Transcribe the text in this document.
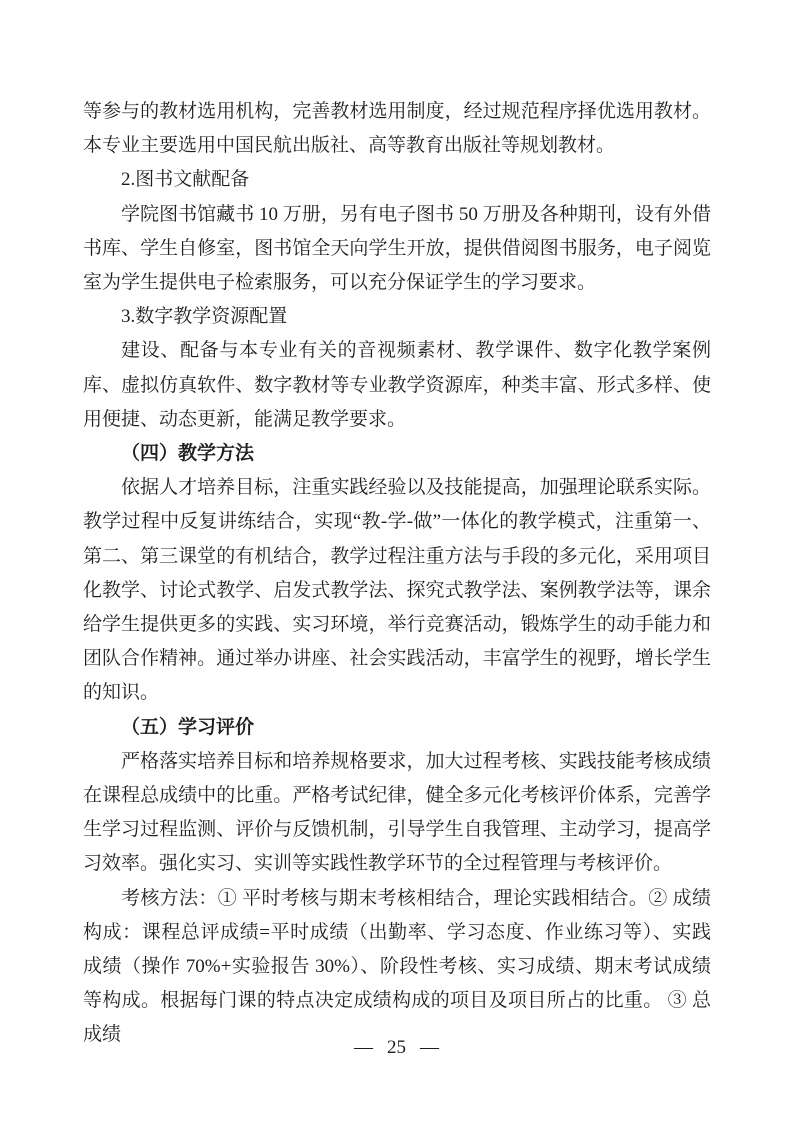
等参与的教材选用机构，完善教材选用制度，经过规范程序择优选用教材。本专业主要选用中国民航出版社、高等教育出版社等规划教材。

2.图书文献配备

学院图书馆藏书 10 万册，另有电子图书 50 万册及各种期刊，设有外借书库、学生自修室，图书馆全天向学生开放，提供借阅图书服务，电子阅览室为学生提供电子检索服务，可以充分保证学生的学习要求。

3.数字教学资源配置

建设、配备与本专业有关的音视频素材、教学课件、数字化教学案例库、虚拟仿真软件、数字教材等专业教学资源库，种类丰富、形式多样、使用便捷、动态更新，能满足教学要求。

（四）教学方法

依据人才培养目标，注重实践经验以及技能提高，加强理论联系实际。教学过程中反复讲练结合，实现“教-学-做”一体化的教学模式，注重第一、第二、第三课堂的有机结合，教学过程注重方法与手段的多元化，采用项目化教学、讨论式教学、启发式教学法、探究式教学法、案例教学法等，课余给学生提供更多的实践、实习环境，举行竞赛活动，锻炼学生的动手能力和团队合作精神。通过举办讲座、社会实践活动，丰富学生的视野，增长学生的知识。

（五）学习评价

严格落实培养目标和培养规格要求，加大过程考核、实践技能考核成绩在课程总成绩中的比重。严格考试纪律，健全多元化考核评价体系，完善学生学习过程监测、评价与反馈机制，引导学生自我管理、主动学习，提高学习效率。强化实习、实训等实践性教学环节的全过程管理与考核评价。

考核方法：① 平时考核与期末考核相结合，理论实践相结合。② 成绩构成：课程总评成绩=平时成绩（出勤率、学习态度、作业练习等）、实践成绩（操作 70%+实验报告 30%）、阶段性考核、实习成绩、期末考试成绩等构成。根据每门课的特点决定成绩构成的项目及项目所占的比重。 ③ 总成绩

— 25 —
